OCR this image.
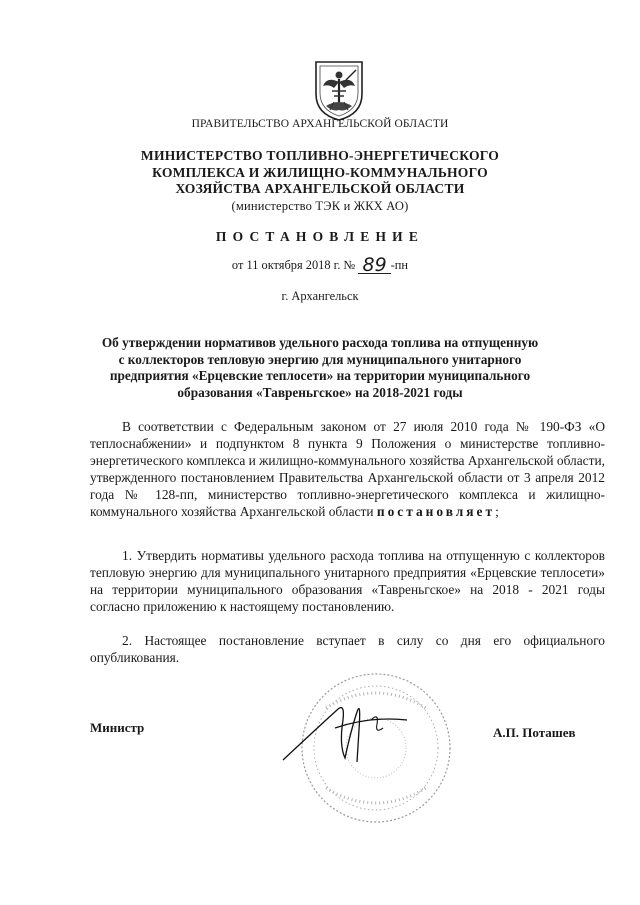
ПРАВИТЕЛЬСТВО АРХАНГЕЛЬСКОЙ ОБЛАСТИ
МИНИСТЕРСТВО ТОПЛИВНО-ЭНЕРГЕТИЧЕСКОГО
КОМПЛЕКСА И ЖИЛИЩНО-КОММУНАЛЬНОГО
ХОЗЯЙСТВА АРХАНГЕЛЬСКОЙ ОБЛАСТИ
(министерство ТЭК и ЖКХ АО)
ПОСТАНОВЛЕНИЕ
от 11 октября 2018 г. № 89 -пн
г. Архангельск
Об утверждении нормативов удельного расхода топлива на отпущенную
с коллекторов тепловую энергию для муниципального унитарного
предприятия «Ерцевские теплосети» на территории муниципального
образования «Тавреньгское» на 2018-2021 годы
В соответствии с Федеральным законом от 27 июля 2010 года № 190-ФЗ «О теплоснабжении» и подпунктом 8 пункта 9 Положения о министерстве топливно-энергетического комплекса и жилищно-коммунального хозяйства Архангельской области, утвержденного постановлением Правительства Архангельской области от 3 апреля 2012 года № 128-пп, министерство топливно-энергетического комплекса и жилищно-коммунального хозяйства Архангельской области постановляет;
1. Утвердить нормативы удельного расхода топлива на отпущенную с коллекторов тепловую энергию для муниципального унитарного предприятия «Ерцевские теплосети» на территории муниципального образования «Тавреньгское» на 2018 - 2021 годы согласно приложению к настоящему постановлению.
2. Настоящее постановление вступает в силу со дня его официального опубликования.
Министр	А.П. Поташев
